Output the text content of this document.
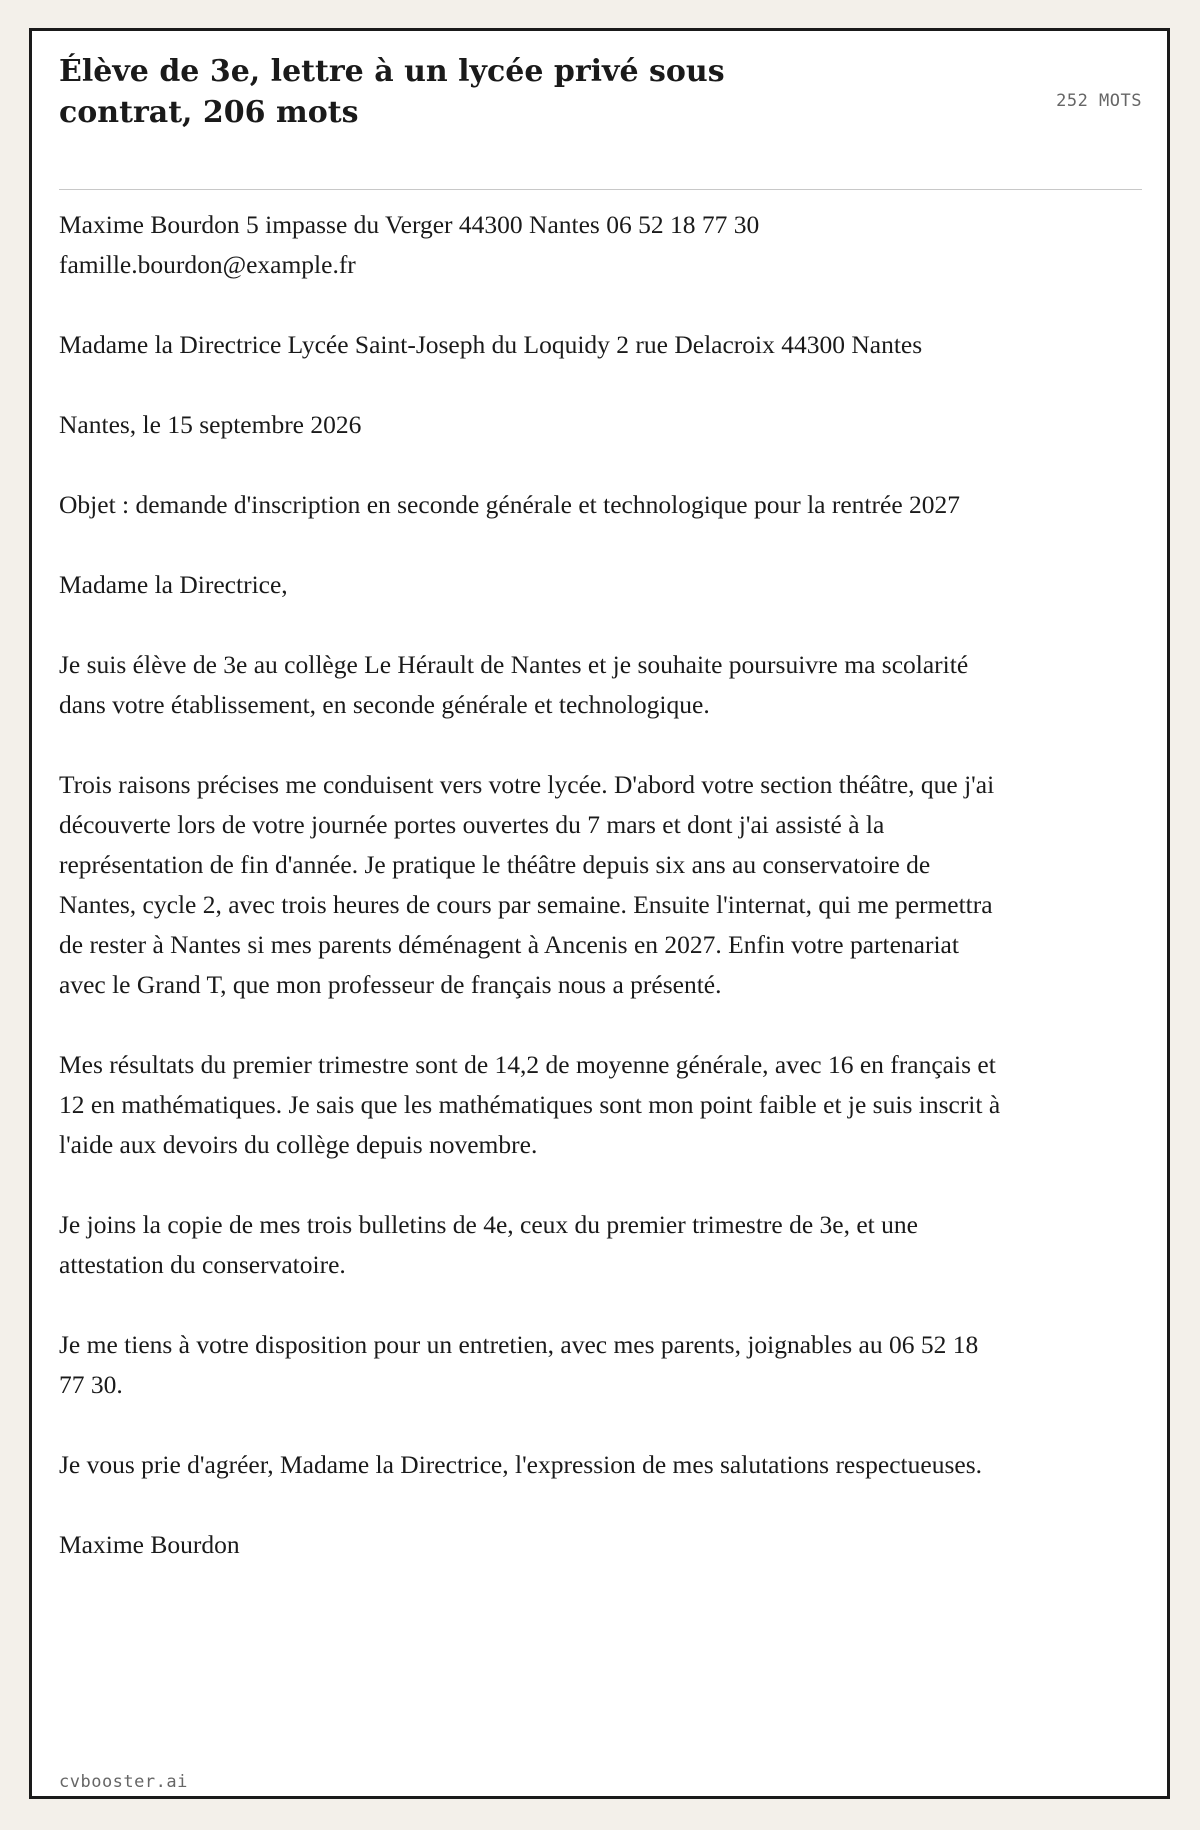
Élève de 3e, lettre à un lycée privé sous contrat, 206 mots	252 MOTS

Maxime Bourdon 5 impasse du Verger 44300 Nantes 06 52 18 77 30 famille.bourdon@example.fr

Madame la Directrice Lycée Saint-Joseph du Loquidy 2 rue Delacroix 44300 Nantes

Nantes, le 15 septembre 2026

Objet : demande d'inscription en seconde générale et technologique pour la rentrée 2027

Madame la Directrice,

Je suis élève de 3e au collège Le Hérault de Nantes et je souhaite poursuivre ma scolarité dans votre établissement, en seconde générale et technologique.

Trois raisons précises me conduisent vers votre lycée. D'abord votre section théâtre, que j'ai découverte lors de votre journée portes ouvertes du 7 mars et dont j'ai assisté à la représentation de fin d'année. Je pratique le théâtre depuis six ans au conservatoire de Nantes, cycle 2, avec trois heures de cours par semaine. Ensuite l'internat, qui me permettra de rester à Nantes si mes parents déménagent à Ancenis en 2027. Enfin votre partenariat avec le Grand T, que mon professeur de français nous a présenté.

Mes résultats du premier trimestre sont de 14,2 de moyenne générale, avec 16 en français et 12 en mathématiques. Je sais que les mathématiques sont mon point faible et je suis inscrit à l'aide aux devoirs du collège depuis novembre.

Je joins la copie de mes trois bulletins de 4e, ceux du premier trimestre de 3e, et une attestation du conservatoire.

Je me tiens à votre disposition pour un entretien, avec mes parents, joignables au 06 52 18 77 30.

Je vous prie d'agréer, Madame la Directrice, l'expression de mes salutations respectueuses.

Maxime Bourdon

cvbooster.ai
